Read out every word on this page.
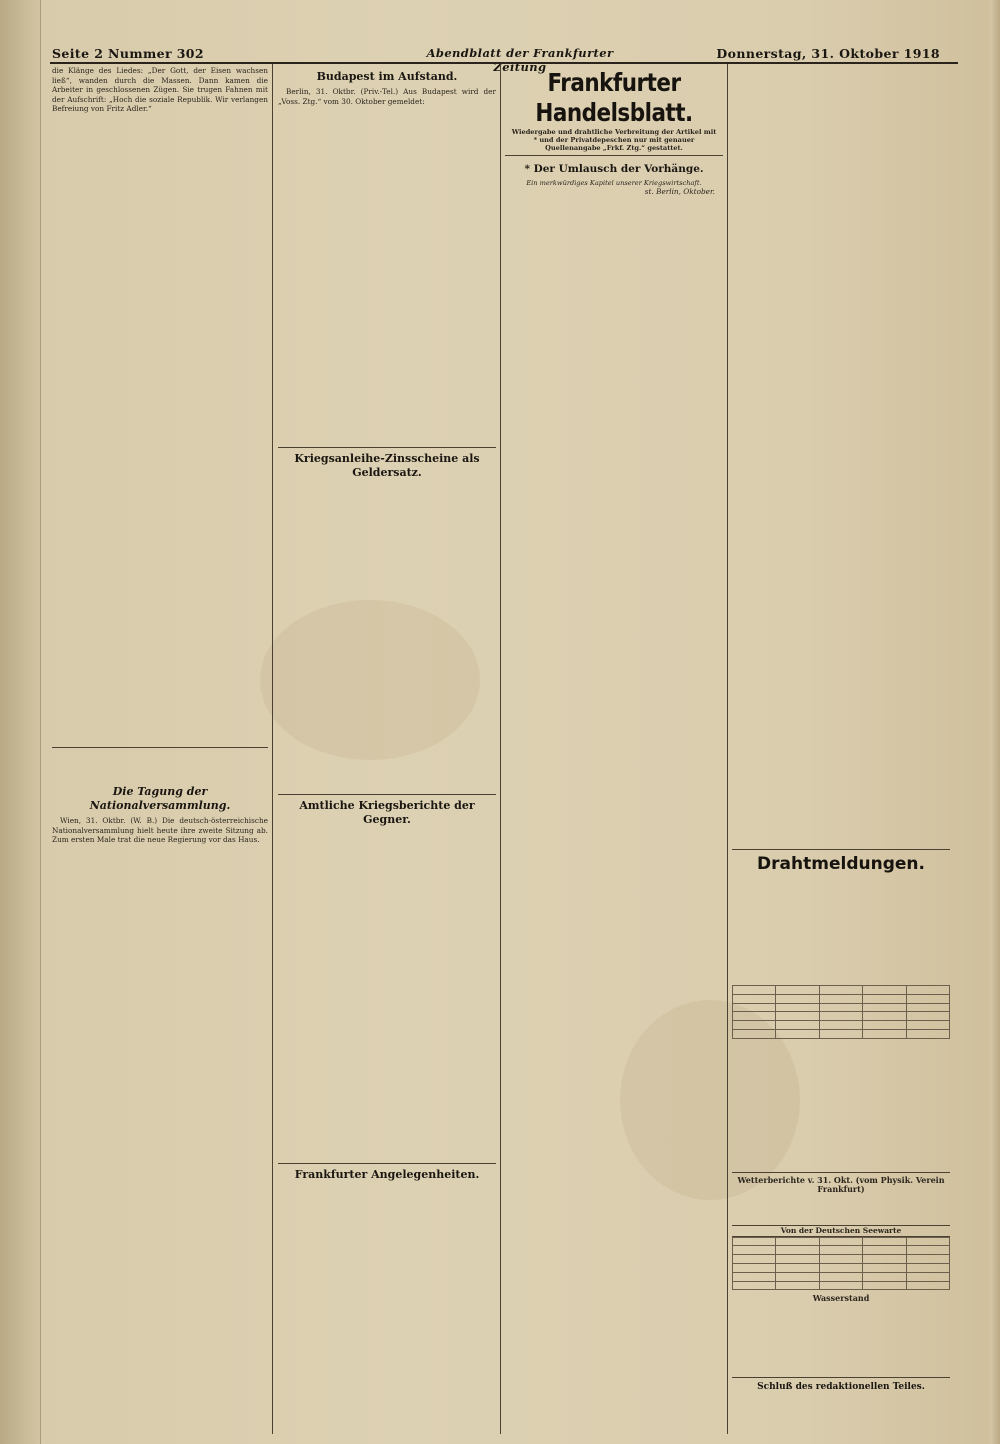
Seite 2 Nummer 302	Abendblatt der Frankfurter Zeitung
Donnerstag, 31. Oktober 1918

die Klänge des Liedes: „Der Gott, der Eisen wachsen ließ“, wanden durch die Massen. Dann kamen die Arbeiter in geschlossenen Zügen. Sie trugen Fahnen mit der Aufschrift: „Hoch die soziale Republik. Wir verlangen Befreiung von Fritz Adler.“

Die Tagung der Nationalversammlung.

Wien, 31. Oktbr. (W. B.) Die deutsch-österreichische Nationalversammlung hielt heute ihre zweite Sitzung ab. Zum ersten Male trat die neue Regierung vor das Haus.

Budapest im Aufstand.

Berlin, 31. Oktbr. (Priv.-Tel.) Aus Budapest wird der „Voss. Ztg.“ vom 30. Oktober gemeldet:

Kriegsanleihe-Zinsscheine als Geldersatz.
Amtliche Kriegsberichte der Gegner.
Frankfurter Angelegenheiten.
Frankfurter Handelsblatt.
Wiedergabe und drahtliche Verbreitung der Artikel mit * und der Privatdepeschen nur mit genauer Quellenangabe „Frkf. Ztg.“ gestattet.
* Der Umlausch der Vorhänge.
Ein merkwürdiges Kapitel unserer Kriegswirtschaft.
st. Berlin, Oktober.
Drahtmeldungen.

Wetterberichte v. 31. Okt. (vom Physik. Verein Frankfurt)
Von der Deutschen Seewarte

Wasserstand
Schluß des redaktionellen Teiles.
